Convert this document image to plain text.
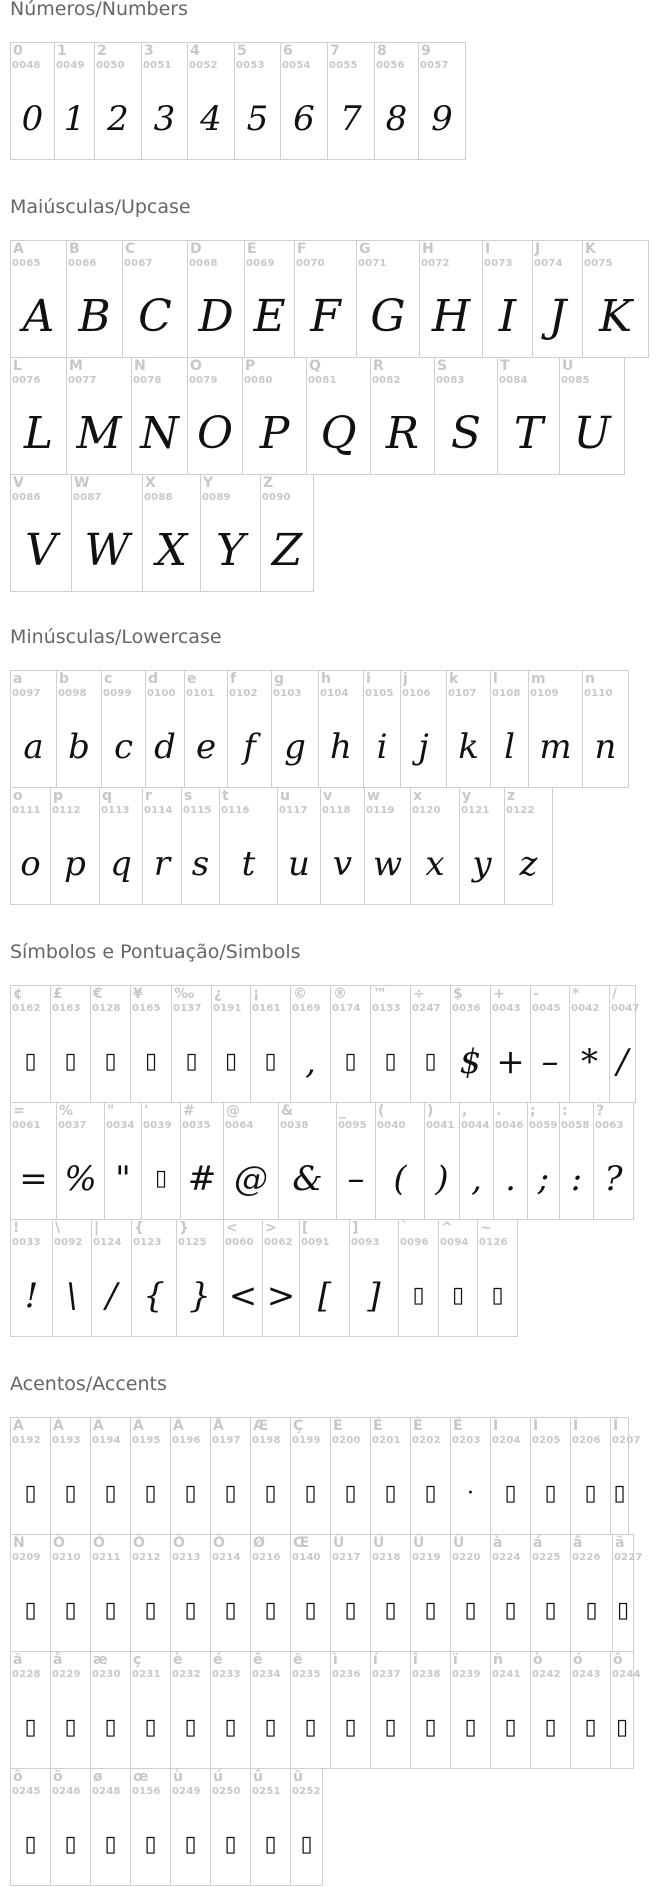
Números/Numbers
0
0048
0
1
0049
1
2
0050
2
3
0051
3
4
0052
4
5
0053
5
6
0054
6
7
0055
7
8
0056
8
9
0057
9
Maiúsculas/Upcase
A
0065
A
B
0066
B
C
0067
C
D
0068
D
E
0069
E
F
0070
F
G
0071
G
H
0072
H
I
0073
I
J
0074
J
K
0075
K
L
0076
L
M
0077
M
N
0078
N
O
0079
O
P
0080
P
Q
0081
Q
R
0082
R
S
0083
S
T
0084
T
U
0085
U
V
0086
V
W
0087
W
X
0088
X
Y
0089
Y
Z
0090
Z
Minúsculas/Lowercase
a
0097
a
b
0098
b
c
0099
c
d
0100
d
e
0101
e
f
0102
f
g
0103
g
h
0104
h
i
0105
i
j
0106
j
k
0107
k
l
0108
l
m
0109
m
n
0110
n
o
0111
o
p
0112
p
q
0113
q
r
0114
r
s
0115
s
t
0116
t
u
0117
u
v
0118
v
w
0119
w
x
0120
x
y
0121
y
z
0122
z
Símbolos e Pontuação/Simbols
¢
0162
▯
£
0163
▯
€
0128
▯
¥
0165
▯
‰
0137
▯
¿
0191
▯
¡
0161
▯
©
0169
,
®
0174
▯
™
0153
▯
÷
0247
▯
$
0036
$
+
0043
+
-
0045
–
*
0042
*
/
0047
/
=
0061
=
%
0037
%
"
0034
"
'
0039
▯
#
0035
#
@
0064
@
&
0038
&
_
0095
–
(
0040
(
)
0041
)
,
0044
,
.
0046
.
;
0059
;
:
0058
:
?
0063
?
!
0033
!
\
0092
\
|
0124
/
{
0123
{
}
0125
}
<
0060
<
>
0062
>
[
0091
[
]
0093
]
`
0096
▯
^
0094
▯
~
0126
▯
Acentos/Accents
À
0192
▯
Á
0193
▯
Â
0194
▯
Ã
0195
▯
Ä
0196
▯
Å
0197
▯
Æ
0198
▯
Ç
0199
▯
È
0200
▯
É
0201
▯
Ê
0202
▯
Ë
0203
·
Ì
0204
▯
Í
0205
▯
Î
0206
▯
Ï
0207
▯
Ñ
0209
▯
Ò
0210
▯
Ó
0211
▯
Ô
0212
▯
Õ
0213
▯
Ö
0214
▯
Ø
0216
▯
Œ
0140
▯
Ù
0217
▯
Ú
0218
▯
Û
0219
▯
Ü
0220
▯
à
0224
▯
á
0225
▯
â
0226
▯
ã
0227
▯
ä
0228
▯
å
0229
▯
æ
0230
▯
ç
0231
▯
è
0232
▯
é
0233
▯
ê
0234
▯
ë
0235
▯
ì
0236
▯
í
0237
▯
î
0238
▯
ï
0239
▯
ñ
0241
▯
ò
0242
▯
ó
0243
▯
ô
0244
▯
õ
0245
▯
ö
0246
▯
ø
0248
▯
œ
0156
▯
ù
0249
▯
ú
0250
▯
û
0251
▯
ü
0252
▯
